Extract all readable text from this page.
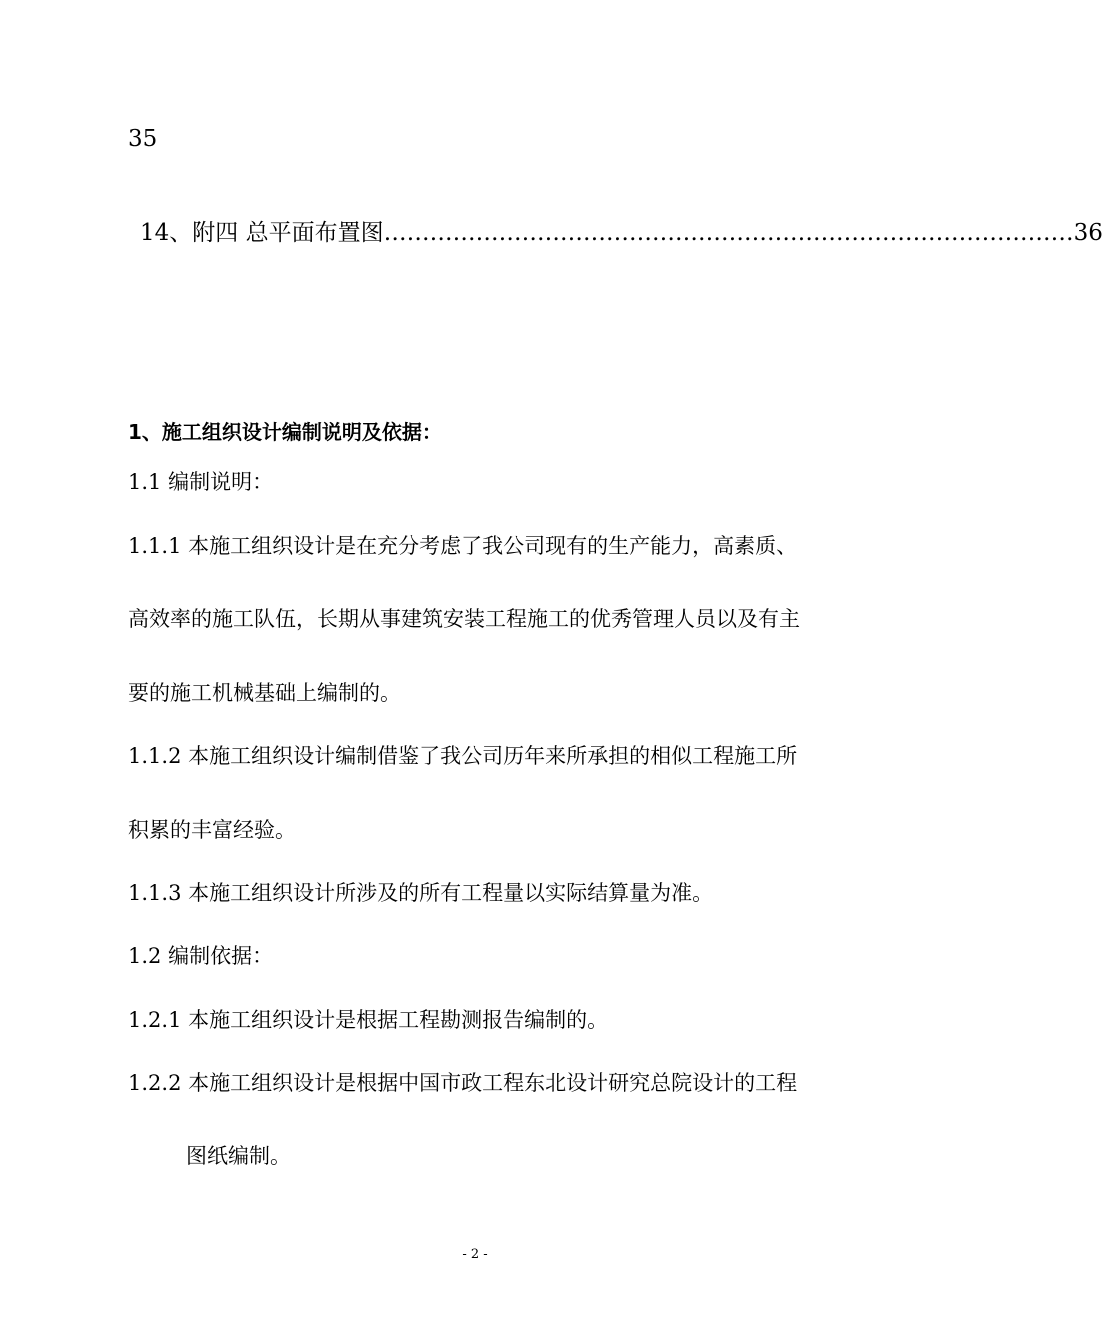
35
14、附四 总平面布置图 ……………………………………………………………………………… 36
1、施工组织设计编制说明及依据：
1.1 编制说明：
1.1.1 本施工组织设计是在充分考虑了我公司现有的生产能力，高素质、
高效率的施工队伍，长期从事建筑安装工程施工的优秀管理人员以及有主
要的施工机械基础上编制的。
1.1.2 本施工组织设计编制借鉴了我公司历年来所承担的相似工程施工所
积累的丰富经验。
1.1.3 本施工组织设计所涉及的所有工程量以实际结算量为准。
1.2 编制依据：
1.2.1 本施工组织设计是根据工程勘测报告编制的。
1.2.2 本施工组织设计是根据中国市政工程东北设计研究总院设计的工程
图纸编制。
- 2 -
